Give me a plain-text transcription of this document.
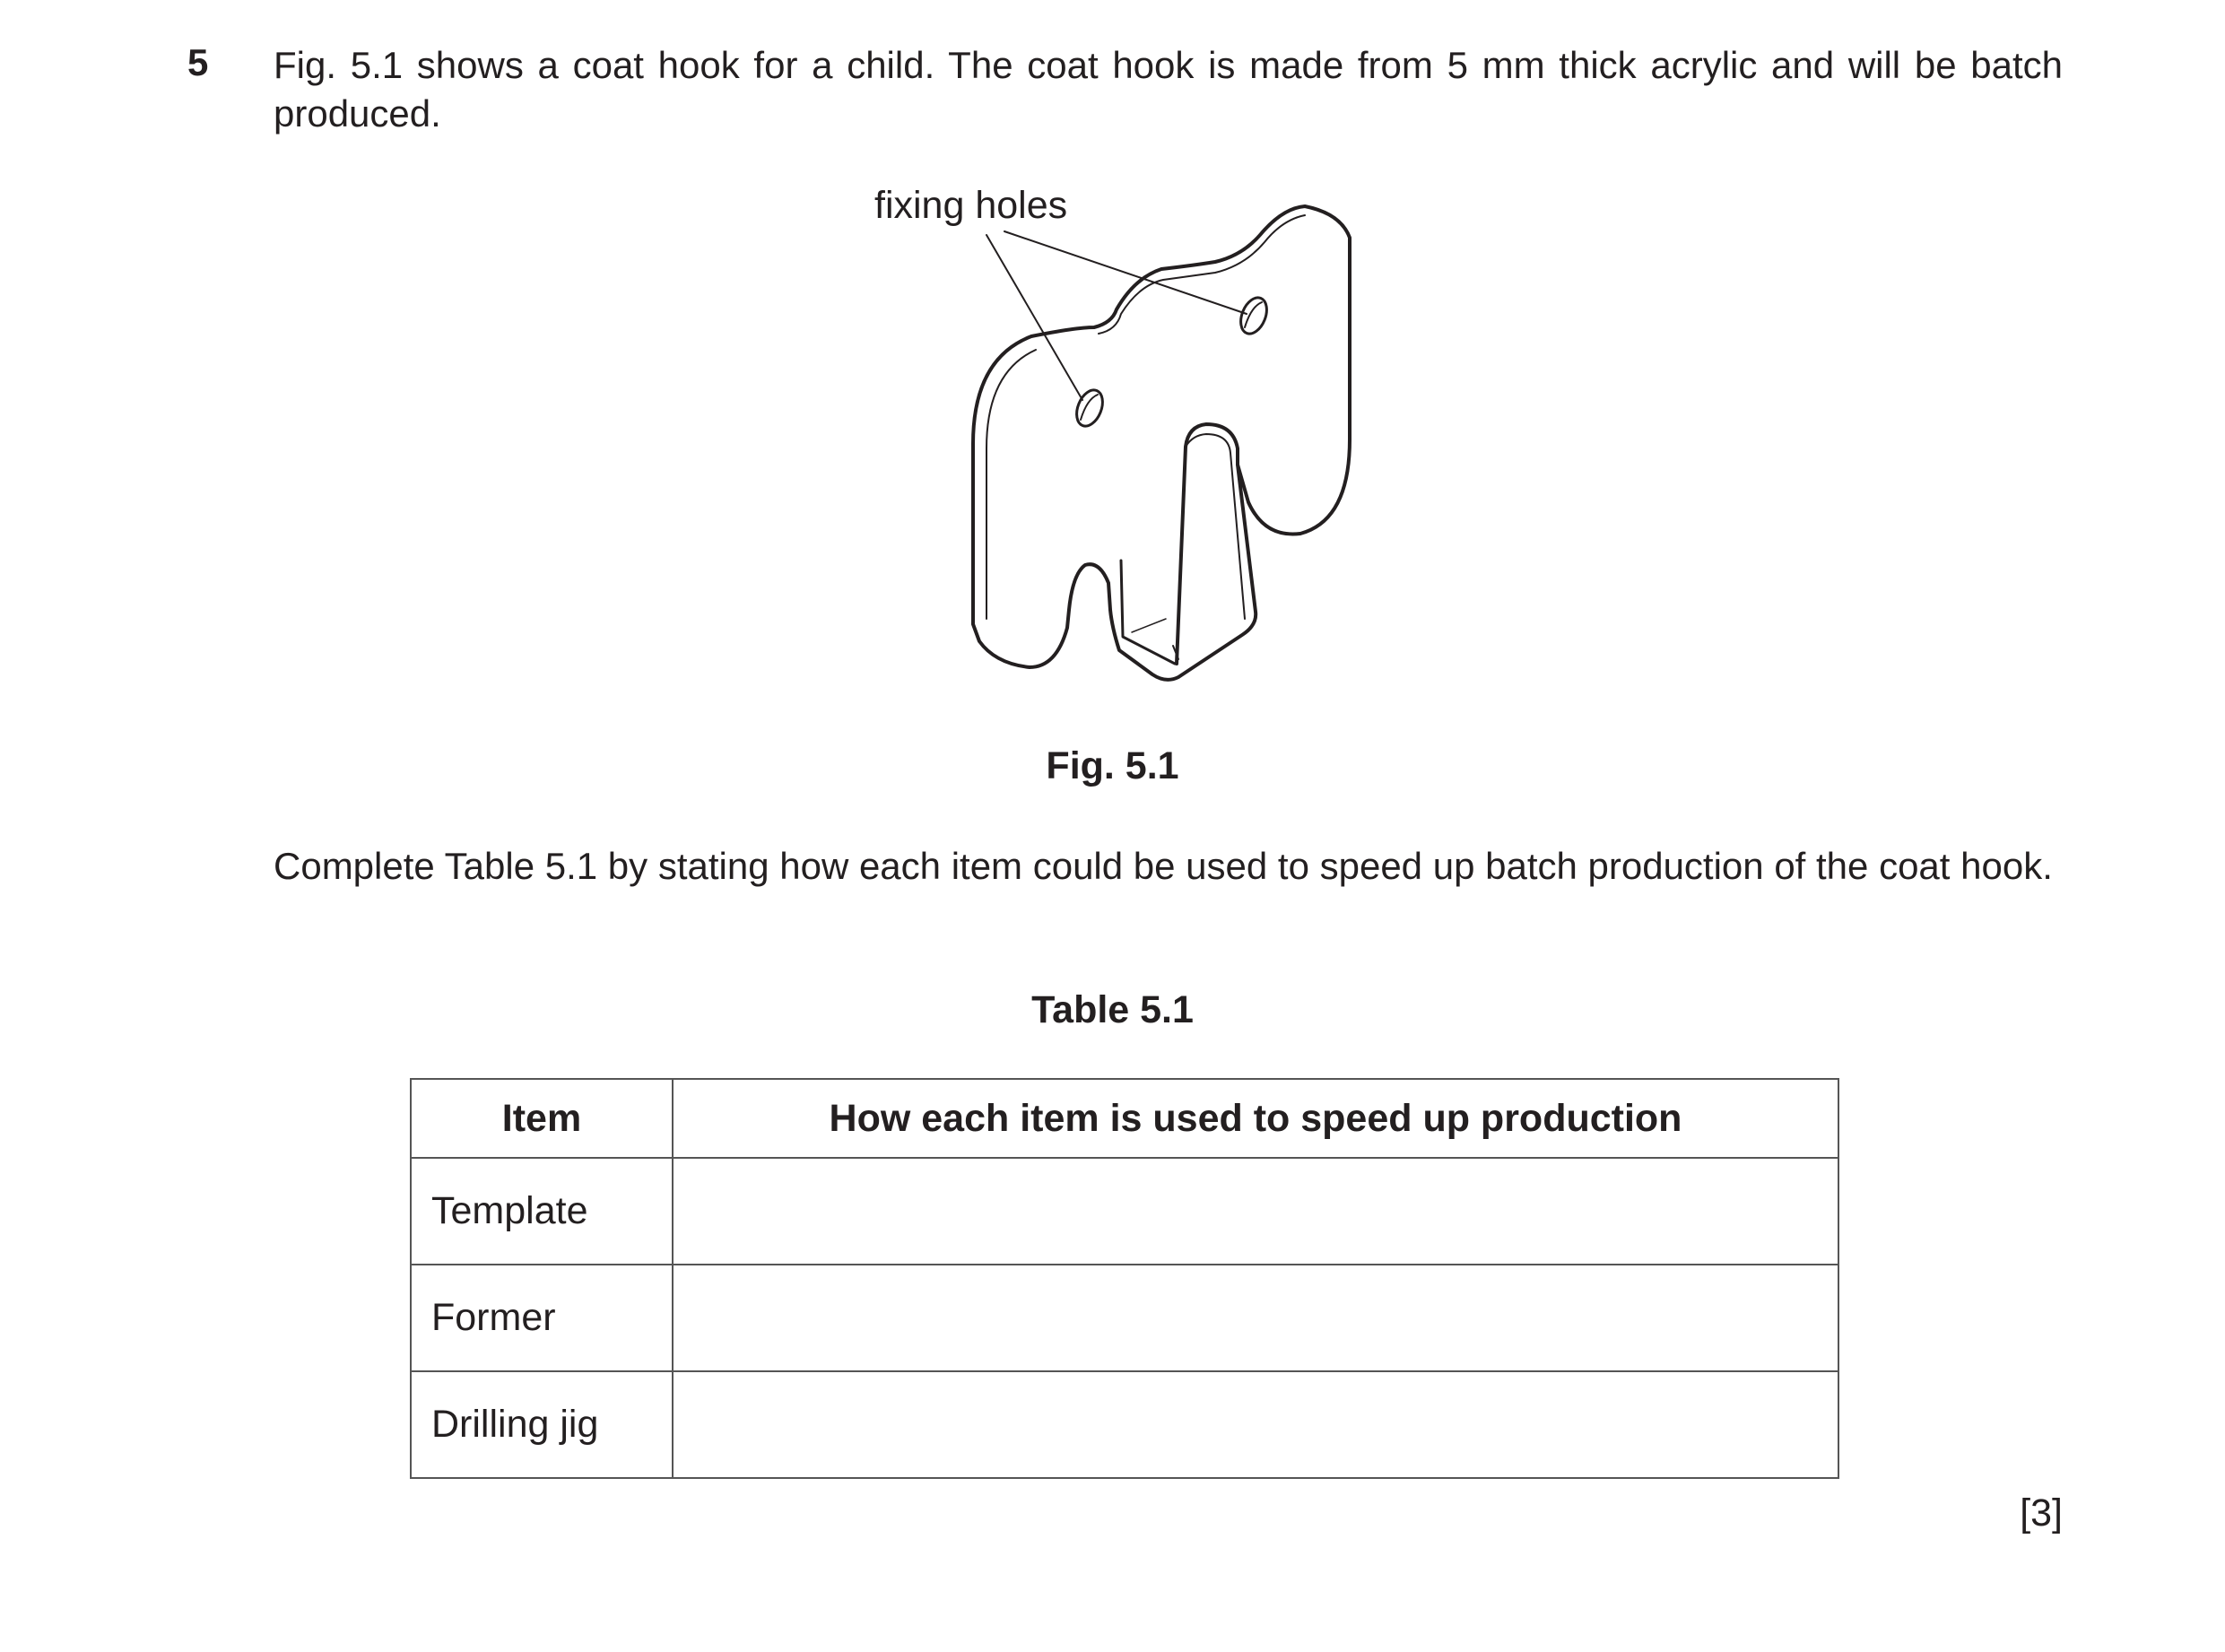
5 Fig. 5.1 shows a coat hook for a child. The coat hook is made from 5 mm thick acrylic and will be batch produced.
fixing holes
Fig. 5.1
Complete Table 5.1 by stating how each item could be used to speed up batch production of the coat hook.
Table 5.1
Item	How each item is used to speed up production
Template	
Former	
Drilling jig	
[3]
